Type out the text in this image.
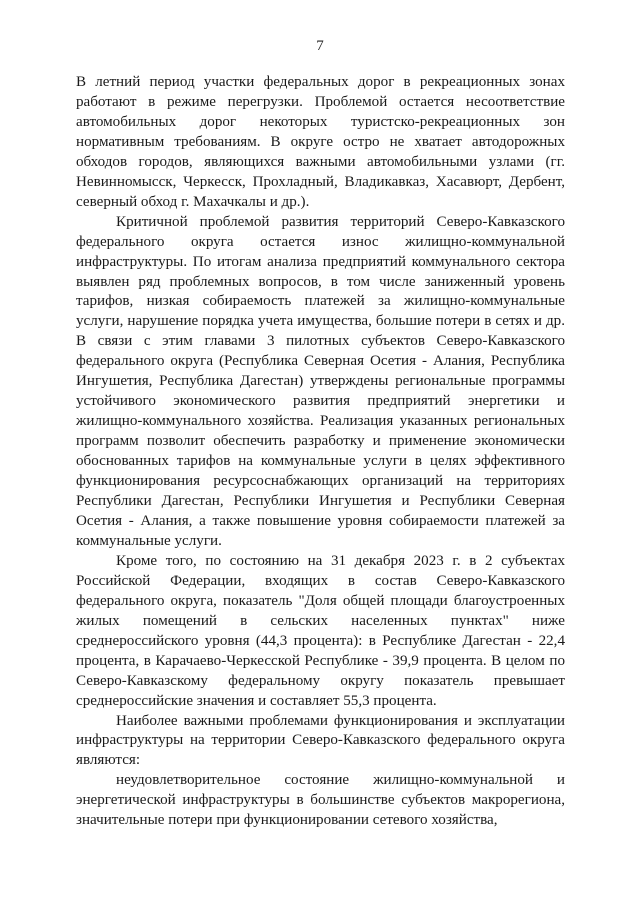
7

В летний период участки федеральных дорог в рекреационных зонах работают в режиме перегрузки. Проблемой остается несоответствие автомобильных дорог некоторых туристско-рекреационных зон нормативным требованиям. В округе остро не хватает автодорожных обходов городов, являющихся важными автомобильными узлами (гг. Невинномысск, Черкесск, Прохладный, Владикавказ, Хасавюрт, Дербент, северный обход г. Махачкалы и др.).

Критичной проблемой развития территорий Северо-Кавказского федерального округа остается износ жилищно-коммунальной инфраструктуры. По итогам анализа предприятий коммунального сектора выявлен ряд проблемных вопросов, в том числе заниженный уровень тарифов, низкая собираемость платежей за жилищно-коммунальные услуги, нарушение порядка учета имущества, большие потери в сетях и др. В связи с этим главами 3 пилотных субъектов Северо-Кавказского федерального округа (Республика Северная Осетия - Алания, Республика Ингушетия, Республика Дагестан) утверждены региональные программы устойчивого экономического развития предприятий энергетики и жилищно-коммунального хозяйства. Реализация указанных региональных программ позволит обеспечить разработку и применение экономически обоснованных тарифов на коммунальные услуги в целях эффективного функционирования ресурсоснабжающих организаций на территориях Республики Дагестан, Республики Ингушетия и Республики Северная Осетия - Алания, а также повышение уровня собираемости платежей за коммунальные услуги.

Кроме того, по состоянию на 31 декабря 2023 г. в 2 субъектах Российской Федерации, входящих в состав Северо-Кавказского федерального округа, показатель "Доля общей площади благоустроенных жилых помещений в сельских населенных пунктах" ниже среднероссийского уровня (44,3 процента): в Республике Дагестан - 22,4 процента, в Карачаево-Черкесской Республике - 39,9 процента. В целом по Северо-Кавказскому федеральному округу показатель превышает среднероссийские значения и составляет 55,3 процента.

Наиболее важными проблемами функционирования и эксплуатации инфраструктуры на территории Северо-Кавказского федерального округа являются:

неудовлетворительное состояние жилищно-коммунальной и энергетической инфраструктуры в большинстве субъектов макрорегиона, значительные потери при функционировании сетевого хозяйства,
